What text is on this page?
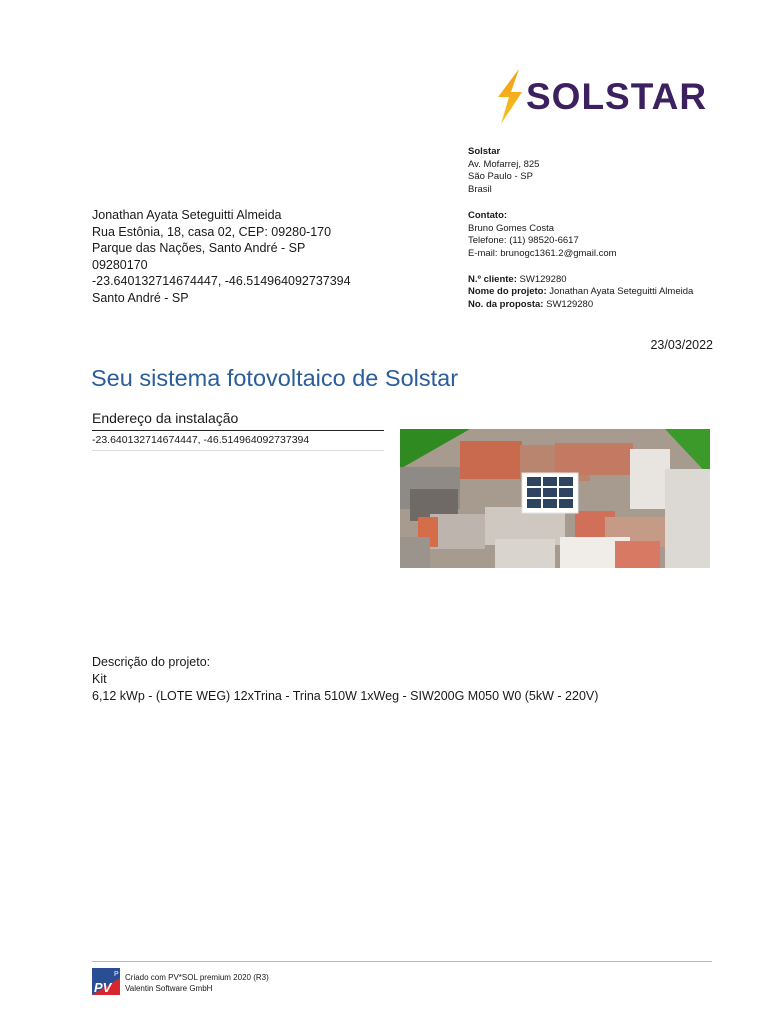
SOLSTAR
Solstar
Av. Mofarrej, 825
São Paulo - SP
Brasil
Contato:
Bruno Gomes Costa
Telefone: (11) 98520-6617
E-mail: brunogc1361.2@gmail.com
N.º cliente: SW129280
Nome do projeto: Jonathan Ayata Seteguitti Almeida
No. da proposta: SW129280
Jonathan Ayata Seteguitti Almeida
Rua Estônia, 18, casa 02, CEP: 09280-170
Parque das Nações, Santo André - SP
09280170
-23.640132714674447, -46.514964092737394
Santo André - SP
23/03/2022
Seu sistema fotovoltaico de Solstar
Endereço da instalação
-23.640132714674447, -46.514964092737394
Descrição do projeto:
Kit
6,12 kWp - (LOTE WEG) 12xTrina - Trina 510W 1xWeg - SIW200G M050 W0 (5kW - 220V)
PV
P Criado com PV*SOL premium 2020 (R3)
Valentin Software GmbH
